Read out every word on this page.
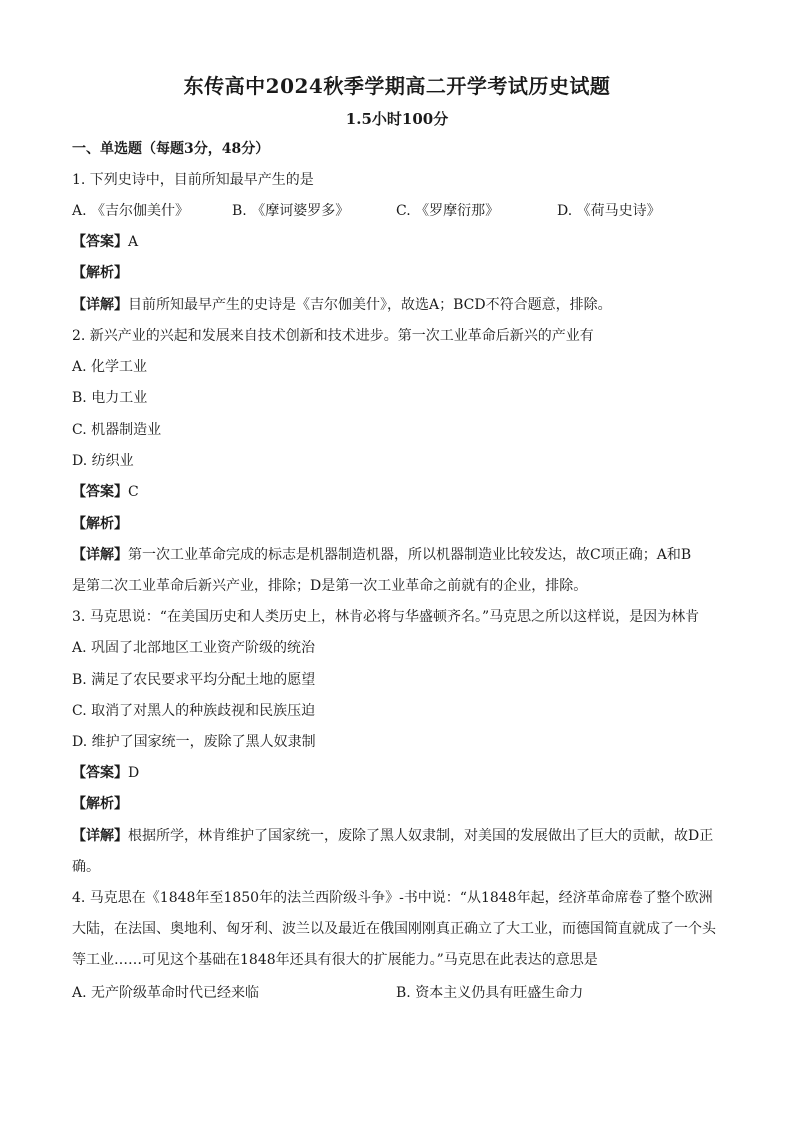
东传高中2024秋季学期高二开学考试历史试题
1.5小时100分
一、单选题（每题3分，48分）
1. 下列史诗中，目前所知最早产生的是
A. 《吉尔伽美什》	B. 《摩诃婆罗多》	C. 《罗摩衍那》	D. 《荷马史诗》
【答案】A
【解析】
【详解】目前所知最早产生的史诗是《吉尔伽美什》，故选A；BCD不符合题意，排除。
2. 新兴产业的兴起和发展来自技术创新和技术进步。第一次工业革命后新兴的产业有
A. 化学工业
B. 电力工业
C. 机器制造业
D. 纺织业
【答案】C
【解析】
【详解】第一次工业革命完成的标志是机器制造机器，所以机器制造业比较发达，故C项正确；A和B
是第二次工业革命后新兴产业，排除；D是第一次工业革命之前就有的企业，排除。
3. 马克思说：“在美国历史和人类历史上，林肯必将与华盛顿齐名。”马克思之所以这样说，是因为林肯
A. 巩固了北部地区工业资产阶级的统治
B. 满足了农民要求平均分配土地的愿望
C. 取消了对黑人的种族歧视和民族压迫
D. 维护了国家统一，废除了黑人奴隶制
【答案】D
【解析】
【详解】根据所学，林肯维护了国家统一，废除了黑人奴隶制，对美国的发展做出了巨大的贡献，故D正
确。
4. 马克思在《1848年至1850年的法兰西阶级斗争》-书中说：“从1848年起，经济革命席卷了整个欧洲
大陆，在法国、奥地利、匈牙利、波兰以及最近在俄国刚刚真正确立了大工业，而德国简直就成了一个头
等工业……可见这个基础在1848年还具有很大的扩展能力。”马克思在此表达的意思是
A. 无产阶级革命时代已经来临	B. 资本主义仍具有旺盛生命力
